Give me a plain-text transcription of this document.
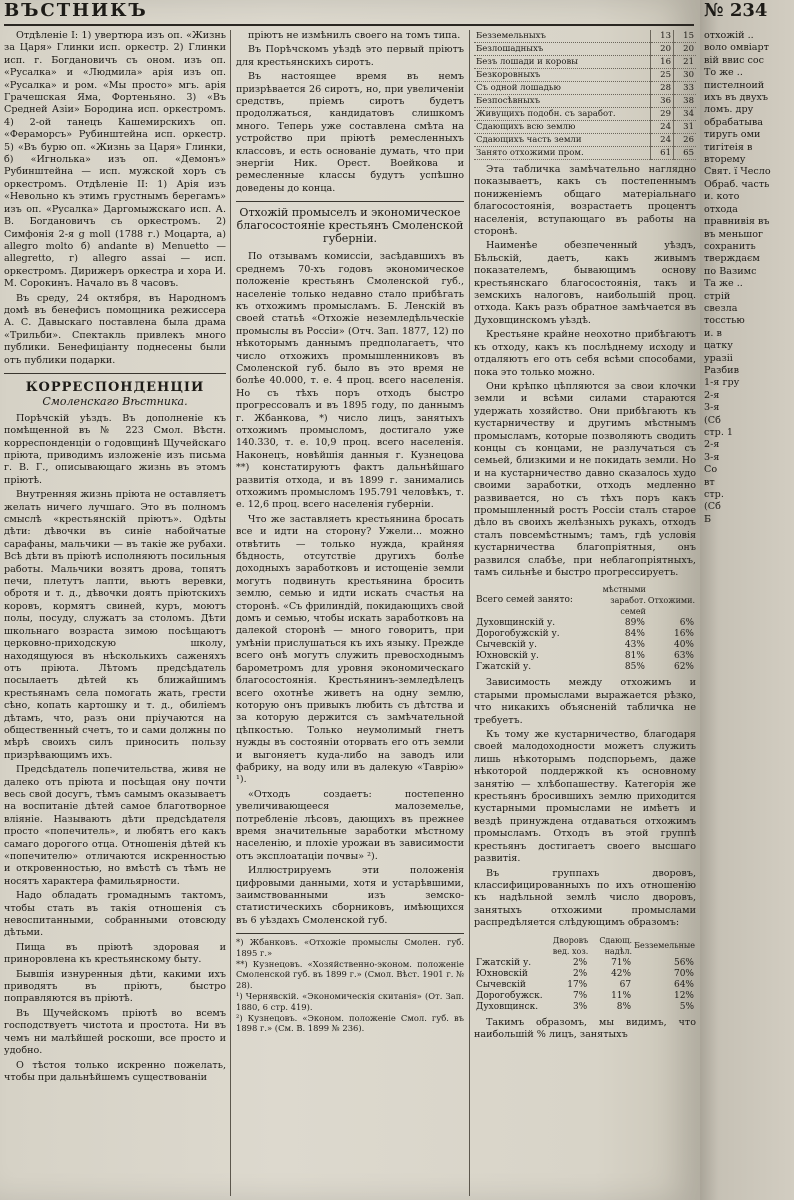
ВЪСТНИКЪ

Отдѣленіе I: 1) увертюра изъ оп. «Жизнь за Царя» Глинки исп. оркестр. 2) Глинки исп. г. Богдановичъ съ оном. изъ оп. «Русалка» и «Людмила» арія изъ оп. «Русалка» и ром. «Мы просто» мгь. арія Грачешская Яма, Фортеньяно. 3) «Въ Средней Азіи» Бородина исп. оркестромъ. 4) 2-ой танецъ Кашемирскихъ оп. «Фераморсъ» Рубинштейна исп. оркестр. 5) «Въ бурю оп. «Жизнь за Царя» Глинки, б) «Игнолька» изъ оп. «Демонъ» Рубинштейна — исп. мужской хоръ съ оркестромъ. Отдѣленіе II: 1) Арія изъ «Невольно къ этимъ грустнымъ берегамъ» изъ оп. «Русалка» Даргомыжскаго исп. А. В. Богдановичъ съ оркестромъ. 2) Симфонія 2-я g moll (1788 г.) Моцарта, а) allegro molto б) andante в) Menuetto — allegretto, г) allegro assai — исп. оркестромъ. Дирижеръ оркестра и хора И. М. Сорокинъ. Начало въ 8 часовъ.

Въ среду, 24 октября, въ Народномъ домѣ въ бенефисъ помощника режиссера А. С. Давыскаго поставлена была драма «Трильби». Спектакль привлекъ много публики. Бенефиціанту поднесены были отъ публики подарки.

КОРРЕСПОНДЕНЦІИ
Смоленскаго Вѣстника.

Порѣчскій уѣздъ. Въ дополненіе къ помѣщенной въ № 223 Смол. Вѣстн. корреспонденціи о годовщинѣ Щучейскаго пріюта, приводимъ изложеніе изъ письма г. В. Г., описывающаго жизнь въ этомъ пріютѣ.

Внутренняя жизнь пріюта не оставляетъ желать ничего лучшаго. Это въ полномъ смыслѣ «крестьянскій пріютъ». Одѣты дѣти: дѣвочки въ синіе набойчатые сарафаны, мальчики — въ такіе же рубахи. Всѣ дѣти въ пріютѣ исполняютъ посильныя работы. Мальчики возятъ дрова, топятъ печи, плетутъ лапти, вьютъ веревки, обротя и т. д., дѣвочки доятъ пріютскихъ коровъ, кормятъ свиней, куръ, моютъ полы, посуду, служатъ за столомъ. Дѣти школьнаго возраста зимою посѣщаютъ церковно-приходскую школу, находящуюся въ нѣсколькихъ саженяхъ отъ пріюта. Лѣтомъ предсѣдатель посылаетъ дѣтей къ ближайшимъ крестьянамъ села помогать жать, грести сѣно, копать картошку и т. д., обиліемъ дѣтамъ, что, разъ они пріучаются на общественный счетъ, то и сами должны по мѣрѣ своихъ силъ приносить пользу призрѣвающимъ ихъ.

Предсѣдатель попечительства, живя не далеко отъ пріюта и посѣщая ону почти весь свой досугъ, тѣмъ самымъ оказываетъ на воспитаніе дѣтей самое благотворное вліяніе. Называютъ дѣти предсѣдателя просто «попечитель», и любятъ его какъ самаго дорогого отца. Отношенія дѣтей къ «попечителю» отличаются искренностью и откровенностью, но вмѣстѣ съ тѣмъ не носятъ характера фамильярности.

Надо обладать громаднымъ тактомъ, чтобы стать въ такія отношенія съ невоспитанными, собранными отовсюду дѣтьми.

Пища въ пріютѣ здоровая и приноровлена къ крестьянскому быту.

Бывшія изнуренныя дѣти, какими ихъ приводятъ въ пріютъ, быстро поправляются въ пріютѣ.

Въ Щучейскомъ пріютѣ во всемъ господствуетъ чистота и простота. Ни въ чемъ ни малѣйшей роскоши, все просто и удобно.

О тѣстоя только искренно пожелать, чтобы при дальнѣйшемъ существованіи

пріютъ не измѣнилъ своего на томъ типа.

Въ Порѣчскомъ уѣздѣ это первый пріютъ для крестьянскихъ сиротъ.

Въ настоящее время въ немъ призрѣвается 26 сиротъ, но, при увеличеніи средствъ, пріемъ сиротъ будетъ продолжаться, кандидатовъ слишкомъ много. Теперь уже составлена смѣта на устройство при пріютѣ ремесленныхъ классовъ, и есть основаніе думать, что при энергіи Ник. Орест. Воейкова и ремесленные классы будутъ успѣшно доведены до конца.

Отхожій промыселъ и экономическое благосостояніе крестьянъ Смоленской губерніи.

По отзывамъ комиссіи, засѣдавшихъ въ среднемъ 70-хъ годовъ экономическое положеніе крестьянъ Смоленской губ., населеніе только недавно стало прибѣгать къ отхожимъ промысламъ. Б. Ленскій въ своей статьѣ «Отхожіе неземледѣльческіе промыслы въ Россіи» (Отч. Зап. 1877, 12) по нѣкоторымъ даннымъ предполагаетъ, что число отхожихъ промышленниковъ въ Смоленской губ. было въ это время не болѣе 40.000, т. е. 4 проц. всего населенія. Но съ тѣхъ поръ отходъ быстро прогрессовалъ и въ 1895 году, по даннымъ г. Жбанкова, *) число лицъ, занятыхъ отхожимъ промысломъ, достигало уже 140.330, т. е. 10,9 проц. всего населенія. Наконецъ, новѣйшія данныя г. Кузнецова **) констатируютъ фактъ дальнѣйшаго развитія отхода, и въ 1899 г. занимались отхожимъ промысломъ 195.791 человѣкъ, т. е. 12,6 проц. всего населенія губерніи.

Что же заставляетъ крестьянина бросать все и идти на сторону? Ужели... можно отвѣтить — только нужда, крайняя бѣдность, отсутствіе другихъ болѣе доходныхъ заработковъ и истощеніе земли могутъ подвинуть крестьянина бросить землю, семью и идти искать счастья на сторонѣ. «Съ фрилиндій, покидающихъ свой домъ и семью, чтобы искать заработковъ на далекой сторонѣ — много говоритъ, при умѣніи прислушаться къ ихъ языку. Прежде всего онѣ могутъ служить превосходнымъ барометромъ для уровня экономическаго благосостоянія. Крестьянинъ-земледѣлецъ всего охотнѣе живетъ на одну землю, которую онъ привыкъ любить съ дѣтства и за которую держится съ замѣчательной цѣпкостью. Только неумолимый гнетъ нужды въ состояніи оторвать его отъ земли и выгоняетъ куда-либо на заводъ или фабрику, на воду или въ далекую «Таврію» ¹).

«Отходъ создаетъ: постепенно увеличивающееся малоземелье, потребленіе лѣсовъ, дающихъ въ прежнее время значительные заработки мѣстному населенію, и плохіе урожаи въ зависимости отъ эксплоатаціи почвы» ²).

Иллюстрируемъ эти положенія цифровыми данными, хотя и устарѣвшими, заимствованными изъ земско-статистическихъ сборниковъ, имѣющихся въ 6 уѣздахъ Смоленской губ.

*) Жбанковъ. «Отхожіе промыслы Смолен. губ. 1895 г.»
**) Кузнецовъ. «Хозяйственно-эконом. положеніе Смоленской губ. въ 1899 г.» (Смол. Вѣст. 1901 г. № 28).
¹) Чернявскій. «Экономическія скитанія» (От. Зап. 1880, 6 стр. 419).
²) Кузнецовъ. «Эконом. положеніе Смол. губ. въ 1898 г.» (См. В. 1899 № 236).
Безземельныхъ	13	15
Безлошадныхъ	20	20
Безъ лошади и коровы	16	21
Безкоровныхъ	25	30
Съ одной лошадью	28	33
Безпосѣвныхъ	36	38
Живущихъ подобн. съ заработ.	29	34
Сдающихъ всю землю	24	31
Сдающихъ часть земли	24	26
Занято отхожими пром.	61	65

Эта табличка замѣчательно наглядно показываетъ, какъ съ постепеннымъ пониженіемъ общаго матеріальнаго благосостоянія, возрастаетъ процентъ населенія, вступающаго въ работы на сторонѣ.

Наименѣе обезпеченный уѣздъ, Бѣльскій, даетъ, какъ живымъ показателемъ, бывающимъ основу крестьянскаго благосостоянія, такъ и земскихъ налоговъ, наибольшій проц. отхода. Какъ разъ обратное замѣчается въ Духовщинскомъ уѣздѣ.

Крестьяне крайне неохотно прибѣгаютъ къ отходу, какъ къ послѣднему исходу и отдаляютъ его отъ себя всѣми способами, пока это только можно.

Они крѣпко цѣпляются за свои клочки земли и всѣми силами стараются удержать хозяйство. Они прибѣгаютъ къ кустарничеству и другимъ мѣстнымъ промысламъ, которые позволяютъ сводить концы съ концами, не разлучаться съ семьей, близкими и не покидать земли. Но и на кустарничество давно сказалось худо своими заработки, отходъ медленно развивается, но съ тѣхъ поръ какъ промышленный ростъ Россіи сталъ старое дѣло въ своихъ желѣзныхъ рукахъ, отходъ сталъ повсемѣстнымъ; тамъ, гдѣ условія кустарничества благопріятныя, онъ развился слабѣе, при неблагопріятныхъ, тамъ сильнѣе и быстро прогрессируетъ.

Всего семей занято:	мѣстными заработ. семей	Отхожими.
Духовщинскій у.	89%	6%
Дорогобужскій у.	84%	16%
Сычевскій у.	43%	40%
Юхновскій у.	81%	63%
Гжатскій у.	85%	62%

Зависимость между отхожимъ и старыми промыслами выражается рѣзко, что никакихъ объясненій табличка не требуетъ.

Къ тому же кустарничество, благодаря своей малодоходности можетъ служить лишь нѣкоторымъ подспорьемъ, даже нѣкоторой поддержкой къ основному занятію — хлѣбопашеству. Категорія же крестьянъ бросившихъ землю приходится кустарными промыслами не имѣетъ и вездѣ принуждена отдаваться отхожимъ промысламъ. Отходъ въ этой группѣ крестьянъ достигаетъ своего высшаго развитія.

Въ группахъ дворовъ, классифицированныхъ по ихъ отношенію къ надѣльной землѣ число дворовъ, занятыхъ отхожими промыслами распредѣляется слѣдующимъ образомъ:

	Дворовъ вед. хоз.	Сдающ. надѣл.	Безземельные
Гжатскій у.	2%	71%	56%
Юхновскій	2%	42%	70%
Сычевскій	17%	67	64%
Дорогобужск.	7%	11%	12%
Духовщинск.	3%	8%	5%

Такимъ образомъ, мы видимъ, что наибольшій % лицъ, занятыхъ

№ 234
отхожій ..
воло омвіарт
вій ввис сос
То же ..
пистелноий
ихъ въ двухъ
ломъ. дру
обрабатыва
тиругь оми
тигітеія в
вторему
Свят. ї Чесло
Обраб. часть
и. кото
отхода
правнивія въ
въ меньшог
сохранить
тверждаєм
по Вазимс
Та же ..
стрій
свезла
тосстью
и. в
цатку
уразіі
Разбив
1-я гру
2-я
3-я
(Сб
стр. 1
2-я
3-я
Со
вт
стр.
(Сб
Б
